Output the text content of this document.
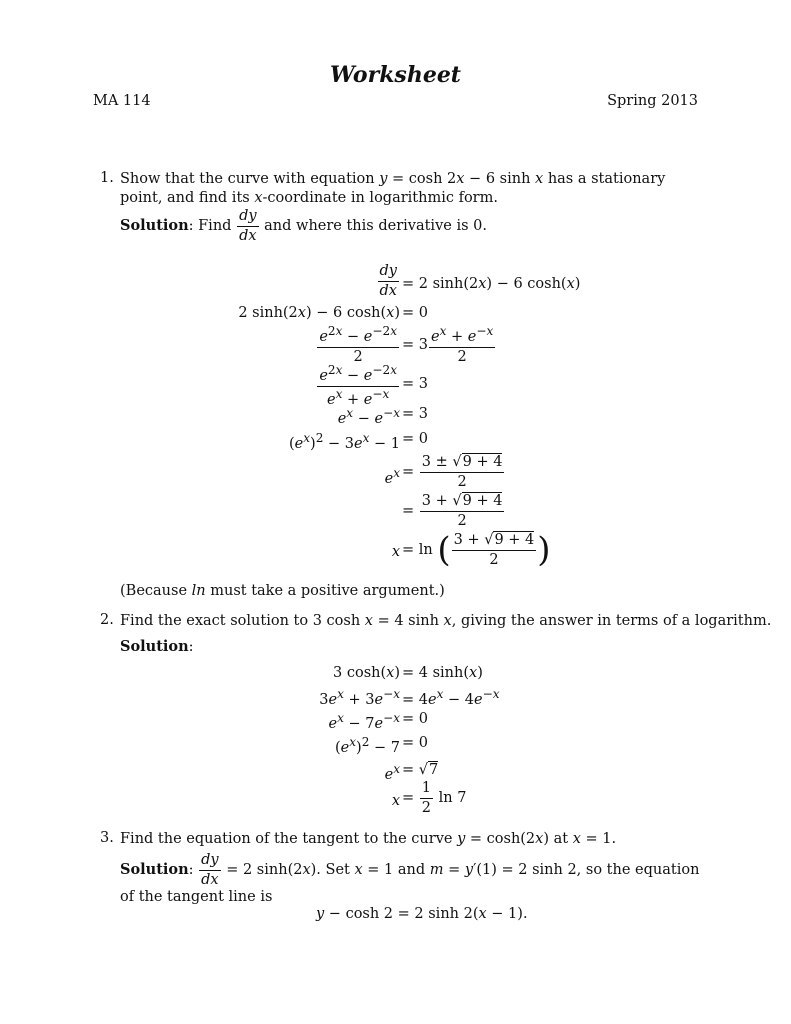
Worksheet
MA 114	Spring 2013
1. Show that the curve with equation y = cosh 2x − 6 sinh x has a stationary point, and find its x-coordinate in logarithmic form.
Solution: Find $\frac{dy}{dx}$ and where this derivative is 0.
$\frac{dy}{dx} = 2$ sinh(2x) − 6 cosh(x)
2 sinh(2x) − 6 cosh(x) = 0
$\frac{e^{2x} - e^{-2x}}{2} = 3 \frac{e^x + e^{-x}}{2}$
$\frac{e^{2x} - e^{-2x}}{e^x + e^{-x}} = 3$
$e^x - e^{-x} = 3$
$(e^x)^2 - 3e^x - 1 = 0$
$e^x = \frac{3 \pm √9 + 4}{2}$
= $\frac{3 + √9 + 4}{2}$
x = ln ( $\frac{3 + √9 + 4}{2}$ )
(Because ln must take a positive argument.)
2. Find the exact solution to 3 cosh x = 4 sinh x, giving the answer in terms of a logarithm.
Solution:
3 cosh(x) = 4 sinh(x)
$3e^x + 3e^{-x} = 4e^x - 4e^{-x}$
$e^x - 7e^{-x} = 0$
$(e^x)^2 - 7 = 0$
$e^x = √7$
$x = \frac{1}{2}$ ln 7
3. Find the equation of the tangent to the curve y = cosh(2x) at x = 1.
Solution: $\frac{dy}{dx} = 2$ sinh(2x). Set x = 1 and m = y′(1) = 2 sinh 2, so the equation of the tangent line is
y − cosh 2 = 2 sinh 2(x − 1).
